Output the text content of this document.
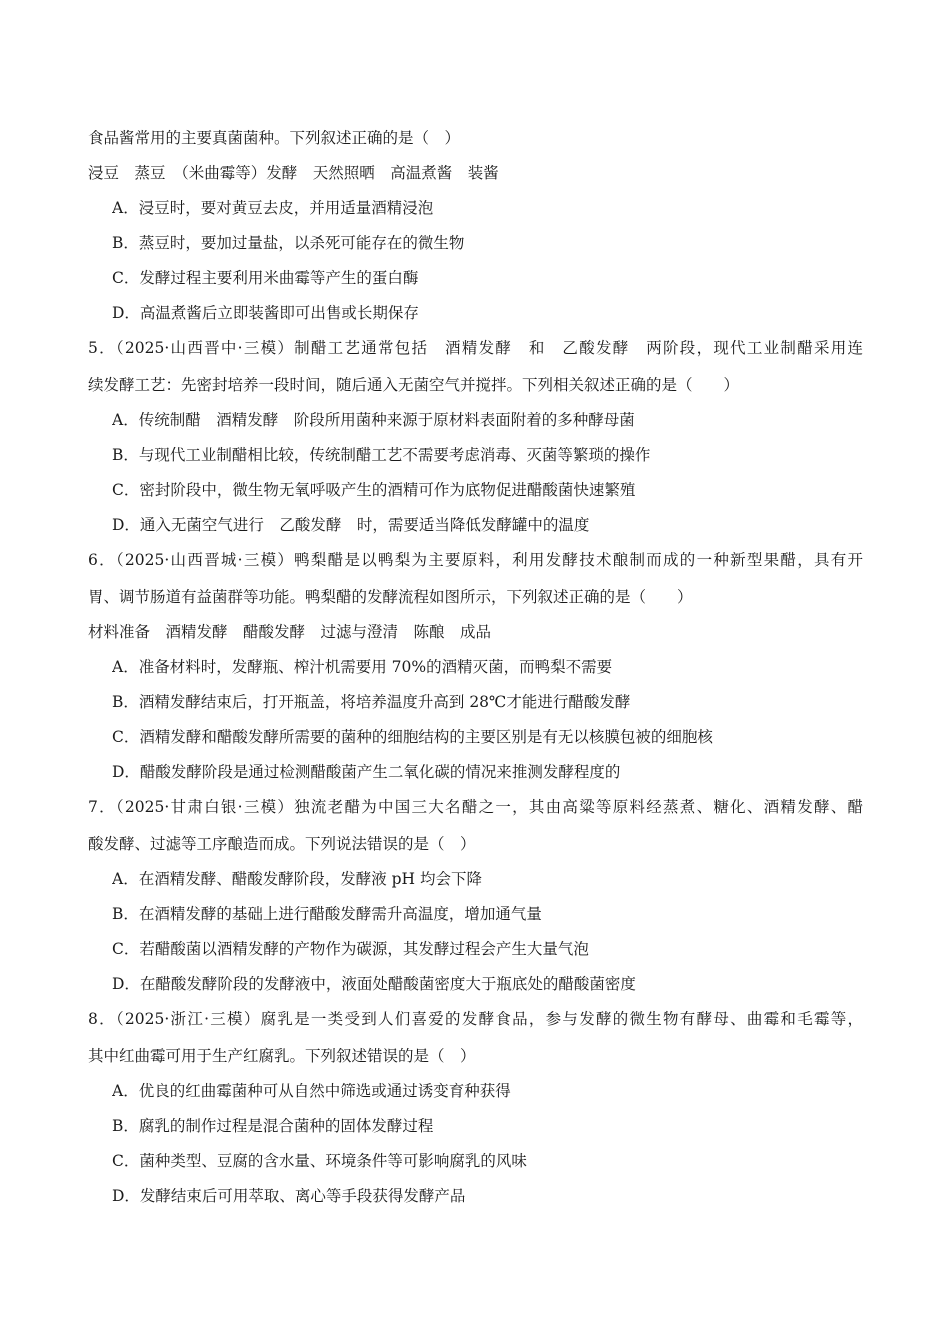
食品酱常用的主要真菌菌种。下列叙述正确的是（　）
浸豆　蒸豆　（米曲霉等）发酵　天然照晒　高温煮酱　装酱
A．浸豆时，要对黄豆去皮，并用适量酒精浸泡
B．蒸豆时，要加过量盐，以杀死可能存在的微生物
C．发酵过程主要利用米曲霉等产生的蛋白酶
D．高温煮酱后立即装酱即可出售或长期保存
5．（2025·山西晋中·三模）制醋工艺通常包括　酒精发酵　和　乙酸发酵　两阶段，现代工业制醋采用连
续发酵工艺：先密封培养一段时间，随后通入无菌空气并搅拌。下列相关叙述正确的是（　　）
A．传统制醋　酒精发酵　阶段所用菌种来源于原材料表面附着的多种酵母菌
B．与现代工业制醋相比较，传统制醋工艺不需要考虑消毒、灭菌等繁琐的操作
C．密封阶段中，微生物无氧呼吸产生的酒精可作为底物促进醋酸菌快速繁殖
D．通入无菌空气进行　乙酸发酵　时，需要适当降低发酵罐中的温度
6．（2025·山西晋城·三模）鸭梨醋是以鸭梨为主要原料，利用发酵技术酿制而成的一种新型果醋，具有开
胃、调节肠道有益菌群等功能。鸭梨醋的发酵流程如图所示，下列叙述正确的是（　　）
材料准备　酒精发酵　醋酸发酵　过滤与澄清　陈酿　成品
A．准备材料时，发酵瓶、榨汁机需要用 70%的酒精灭菌，而鸭梨不需要
B．酒精发酵结束后，打开瓶盖，将培养温度升高到 28℃才能进行醋酸发酵
C．酒精发酵和醋酸发酵所需要的菌种的细胞结构的主要区别是有无以核膜包被的细胞核
D．醋酸发酵阶段是通过检测醋酸菌产生二氧化碳的情况来推测发酵程度的
7．（2025·甘肃白银·三模）独流老醋为中国三大名醋之一，其由高粱等原料经蒸煮、糖化、酒精发酵、醋
酸发酵、过滤等工序酿造而成。下列说法错误的是（　）
A．在酒精发酵、醋酸发酵阶段，发酵液 pH 均会下降
B．在酒精发酵的基础上进行醋酸发酵需升高温度，增加通气量
C．若醋酸菌以酒精发酵的产物作为碳源，其发酵过程会产生大量气泡
D．在醋酸发酵阶段的发酵液中，液面处醋酸菌密度大于瓶底处的醋酸菌密度
8．（2025·浙江·三模）腐乳是一类受到人们喜爱的发酵食品，参与发酵的微生物有酵母、曲霉和毛霉等，
其中红曲霉可用于生产红腐乳。下列叙述错误的是（　）
A．优良的红曲霉菌种可从自然中筛选或通过诱变育种获得
B．腐乳的制作过程是混合菌种的固体发酵过程
C．菌种类型、豆腐的含水量、环境条件等可影响腐乳的风味
D．发酵结束后可用萃取、离心等手段获得发酵产品
